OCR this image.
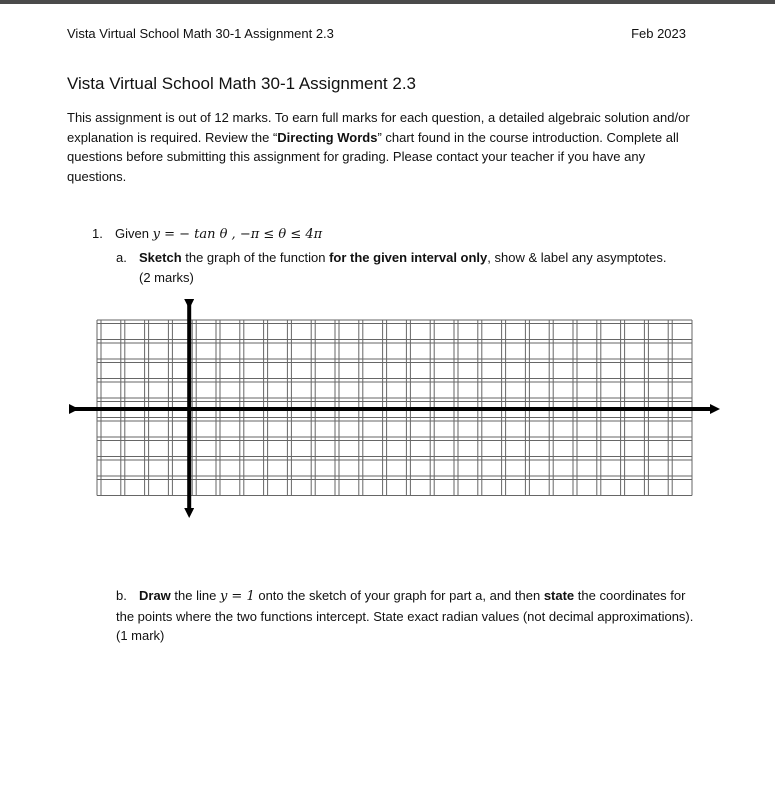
Vista Virtual School Math 30-1 Assignment 2.3	Feb 2023
Vista Virtual School Math 30-1 Assignment 2.3

This assignment is out of 12 marks. To earn full marks for each question, a detailed algebraic solution and/or explanation is required. Review the “Directing Words” chart found in the course introduction. Complete all questions before submitting this assignment for grading. Please contact your teacher if you have any questions.

1. Given y = − tan θ , −π ≤ θ ≤ 4π
a. Sketch the graph of the function for the given interval only, show & label any asymptotes.
(2 marks)
b. Draw the line y = 1 onto the sketch of your graph for part a, and then state the coordinates for the points where the two functions intercept. State exact radian values (not decimal approximations). (1 mark)
